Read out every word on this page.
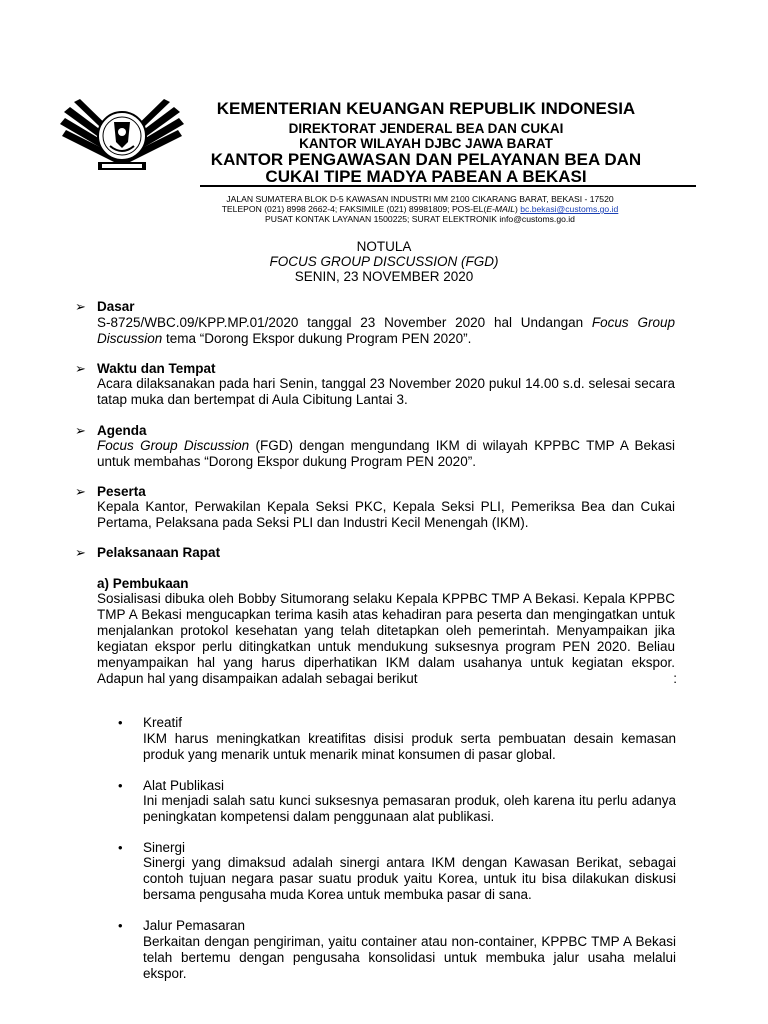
KEMENTERIAN KEUANGAN REPUBLIK INDONESIA
DIREKTORAT JENDERAL BEA DAN CUKAI
KANTOR WILAYAH DJBC JAWA BARAT
KANTOR PENGAWASAN DAN PELAYANAN BEA DAN
CUKAI TIPE MADYA PABEAN A BEKASI
JALAN SUMATERA BLOK D-5 KAWASAN INDUSTRI MM 2100 CIKARANG BARAT, BEKASI - 17520
TELEPON (021) 8998 2662-4; FAKSIMILE (021) 89981809; POS-EL(E-MAIL) bc.bekasi@customs.go.id
PUSAT KONTAK LAYANAN 1500225; SURAT ELEKTRONIK info@customs.go.id
NOTULA
FOCUS GROUP DISCUSSION (FGD)
SENIN, 23 NOVEMBER 2020
➢ Dasar
S-8725/WBC.09/KPP.MP.01/2020 tanggal 23 November 2020 hal Undangan Focus Group Discussion tema “Dorong Ekspor dukung Program PEN 2020”.
➢ Waktu dan Tempat
Acara dilaksanakan pada hari Senin, tanggal 23 November 2020 pukul 14.00 s.d. selesai secara tatap muka dan bertempat di Aula Cibitung Lantai 3.
➢ Agenda
Focus Group Discussion (FGD) dengan mengundang IKM di wilayah KPPBC TMP A Bekasi untuk membahas “Dorong Ekspor dukung Program PEN 2020”.
➢ Peserta
Kepala Kantor, Perwakilan Kepala Seksi PKC, Kepala Seksi PLI, Pemeriksa Bea dan Cukai Pertama, Pelaksana pada Seksi PLI dan Industri Kecil Menengah (IKM).
➢ Pelaksanaan Rapat
a) Pembukaan
Sosialisasi dibuka oleh Bobby Situmorang selaku Kepala KPPBC TMP A Bekasi. Kepala KPPBC TMP A Bekasi mengucapkan terima kasih atas kehadiran para peserta dan mengingatkan untuk menjalankan protokol kesehatan yang telah ditetapkan oleh pemerintah. Menyampaikan jika kegiatan ekspor perlu ditingkatkan untuk mendukung suksesnya program PEN 2020. Beliau menyampaikan hal yang harus diperhatikan IKM dalam usahanya untuk kegiatan ekspor. Adapun hal yang disampaikan adalah sebagai berikut	:
• Kreatif
IKM harus meningkatkan kreatifitas disisi produk serta pembuatan desain kemasan produk yang menarik untuk menarik minat konsumen di pasar global.
• Alat Publikasi
Ini menjadi salah satu kunci suksesnya pemasaran produk, oleh karena itu perlu adanya peningkatan kompetensi dalam penggunaan alat publikasi.
• Sinergi
Sinergi yang dimaksud adalah sinergi antara IKM dengan Kawasan Berikat, sebagai contoh tujuan negara pasar suatu produk yaitu Korea, untuk itu bisa dilakukan diskusi bersama pengusaha muda Korea untuk membuka pasar di sana.
• Jalur Pemasaran
Berkaitan dengan pengiriman, yaitu container atau non-container, KPPBC TMP A Bekasi telah bertemu dengan pengusaha konsolidasi untuk membuka jalur usaha melalui ekspor.
